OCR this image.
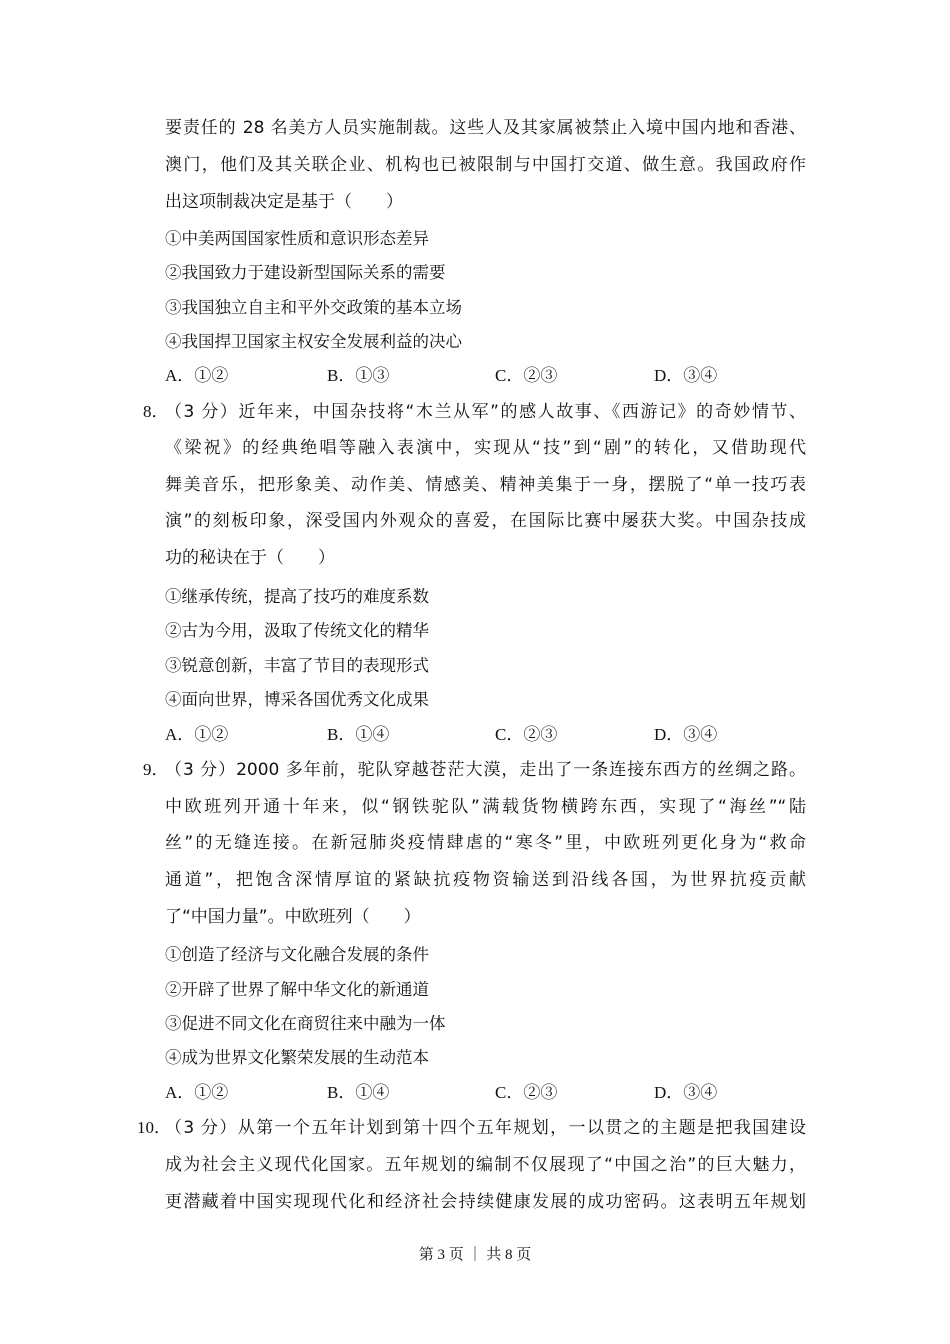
要责任的 28 名美方人员实施制裁。这些人及其家属被禁止入境中国内地和香港、
澳门，他们及其关联企业、机构也已被限制与中国打交道、做生意。我国政府作
出这项制裁决定是基于（　　）
①中美两国国家性质和意识形态差异
②我国致力于建设新型国际关系的需要
③我国独立自主和平外交政策的基本立场
④我国捍卫国家主权安全发展利益的决心
A．①②	B．①③	C．②③	D．③④
8．
（3 分）近年来，中国杂技将“木兰从军”的感人故事、《西游记》的奇妙情节、
《梁祝》的经典绝唱等融入表演中，实现从“技”到“剧”的转化，又借助现代
舞美音乐，把形象美、动作美、情感美、精神美集于一身，摆脱了“单一技巧表
演”的刻板印象，深受国内外观众的喜爱，在国际比赛中屡获大奖。中国杂技成
功的秘诀在于（　　）
①继承传统，提高了技巧的难度系数
②古为今用，汲取了传统文化的精华
③锐意创新，丰富了节目的表现形式
④面向世界，博采各国优秀文化成果
A．①②	B．①④	C．②③	D．③④
9．
（3 分）2000 多年前，驼队穿越苍茫大漠，走出了一条连接东西方的丝绸之路。
中欧班列开通十年来，似“钢铁驼队”满载货物横跨东西，实现了“海丝”“陆
丝”的无缝连接。在新冠肺炎疫情肆虐的“寒冬”里，中欧班列更化身为“救命
通道”，把饱含深情厚谊的紧缺抗疫物资输送到沿线各国，为世界抗疫贡献
了“中国力量”。中欧班列（　　）
①创造了经济与文化融合发展的条件
②开辟了世界了解中华文化的新通道
③促进不同文化在商贸往来中融为一体
④成为世界文化繁荣发展的生动范本
A．①②	B．①④	C．②③	D．③④
10．
（3 分）从第一个五年计划到第十四个五年规划，一以贯之的主题是把我国建设
成为社会主义现代化国家。五年规划的编制不仅展现了“中国之治”的巨大魅力，
更潜藏着中国实现现代化和经济社会持续健康发展的成功密码。这表明五年规划
第 3 页 ｜ 共 8 页
